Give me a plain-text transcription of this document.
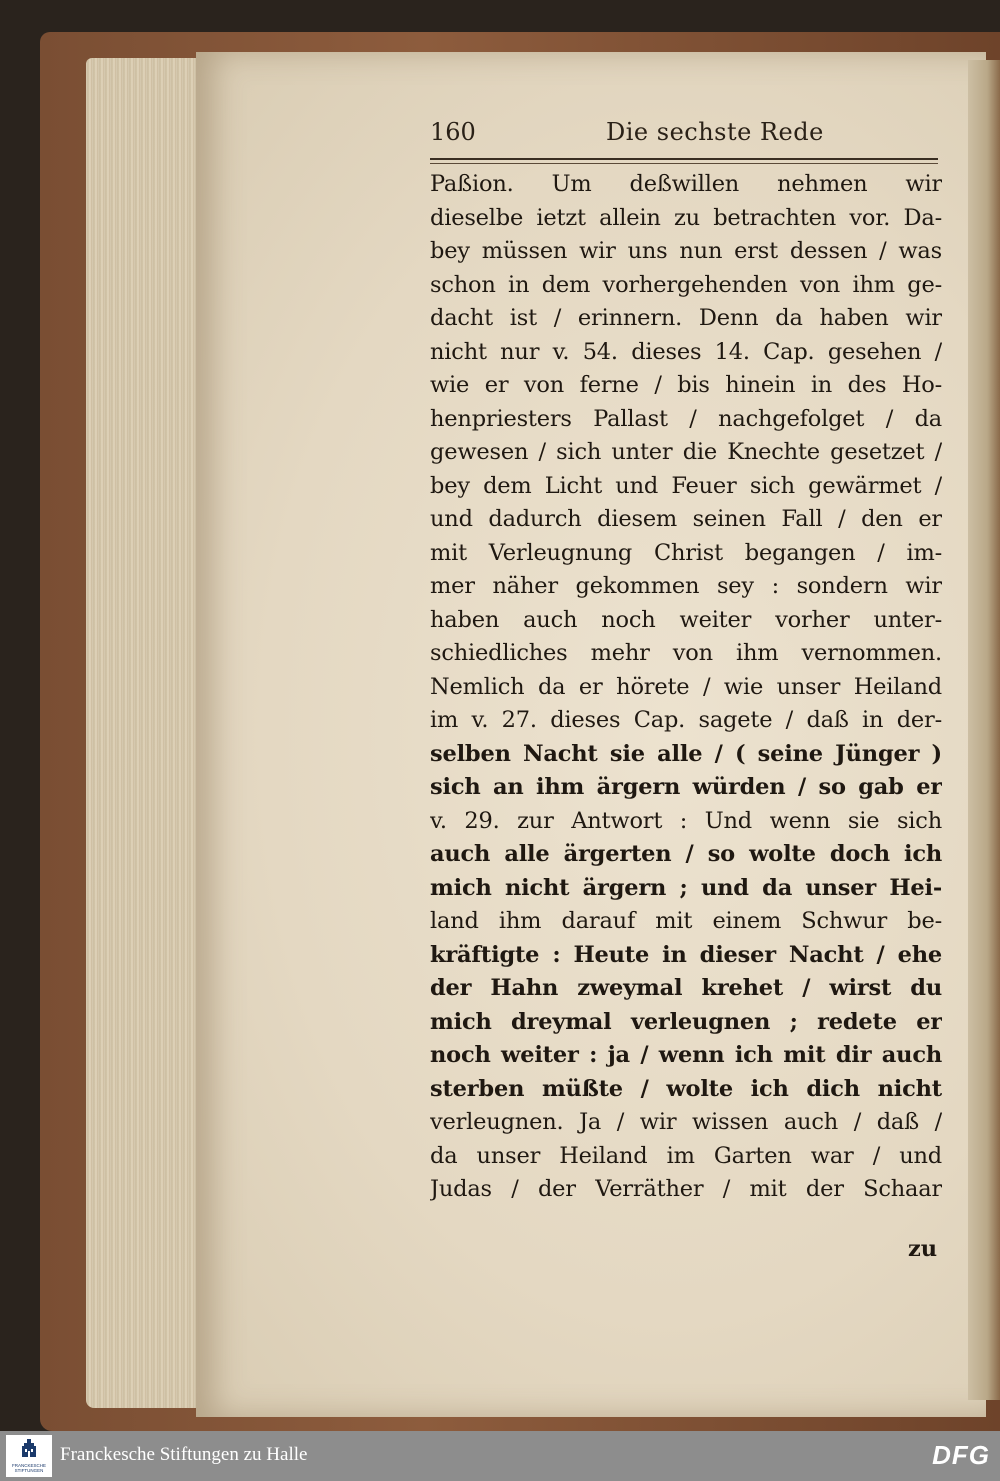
160	Die sechste Rede
Paßion. Um deßwillen nehmen wir
dieselbe ietzt allein zu betrachten vor. Da-
bey müssen wir uns nun erst dessen / was
schon in dem vorhergehenden von ihm ge-
dacht ist / erinnern. Denn da haben wir
nicht nur v. 54. dieses 14. Cap. gesehen /
wie er von ferne / bis hinein in des Ho-
henpriesters Pallast / nachgefolget / da
gewesen / sich unter die Knechte gesetzet /
bey dem Licht und Feuer sich gewärmet /
und dadurch diesem seinen Fall / den er
mit Verleugnung Christ begangen / im-
mer näher gekommen sey : sondern wir
haben auch noch weiter vorher unter-
schiedliches mehr von ihm vernommen.
Nemlich da er hörete / wie unser Heiland
im v. 27. dieses Cap. sagete / daß in der-
selben Nacht sie alle / ( seine Jünger )
sich an ihm ärgern würden / so gab er
v. 29. zur Antwort : Und wenn sie sich
auch alle ärgerten / so wolte doch ich
mich nicht ärgern ; und da unser Hei-
land ihm darauf mit einem Schwur be-
kräftigte : Heute in dieser Nacht / ehe
der Hahn zweymal krehet / wirst du
mich dreymal verleugnen ; redete er
noch weiter : ja / wenn ich mit dir auch
sterben müßte / wolte ich dich nicht
verleugnen. Ja / wir wissen auch / daß /
da unser Heiland im Garten war / und
Judas / der Verräther / mit der Schaar
zu
FRANCKESCHE
STIFTUNGEN
Franckesche Stiftungen zu Halle	DFG
